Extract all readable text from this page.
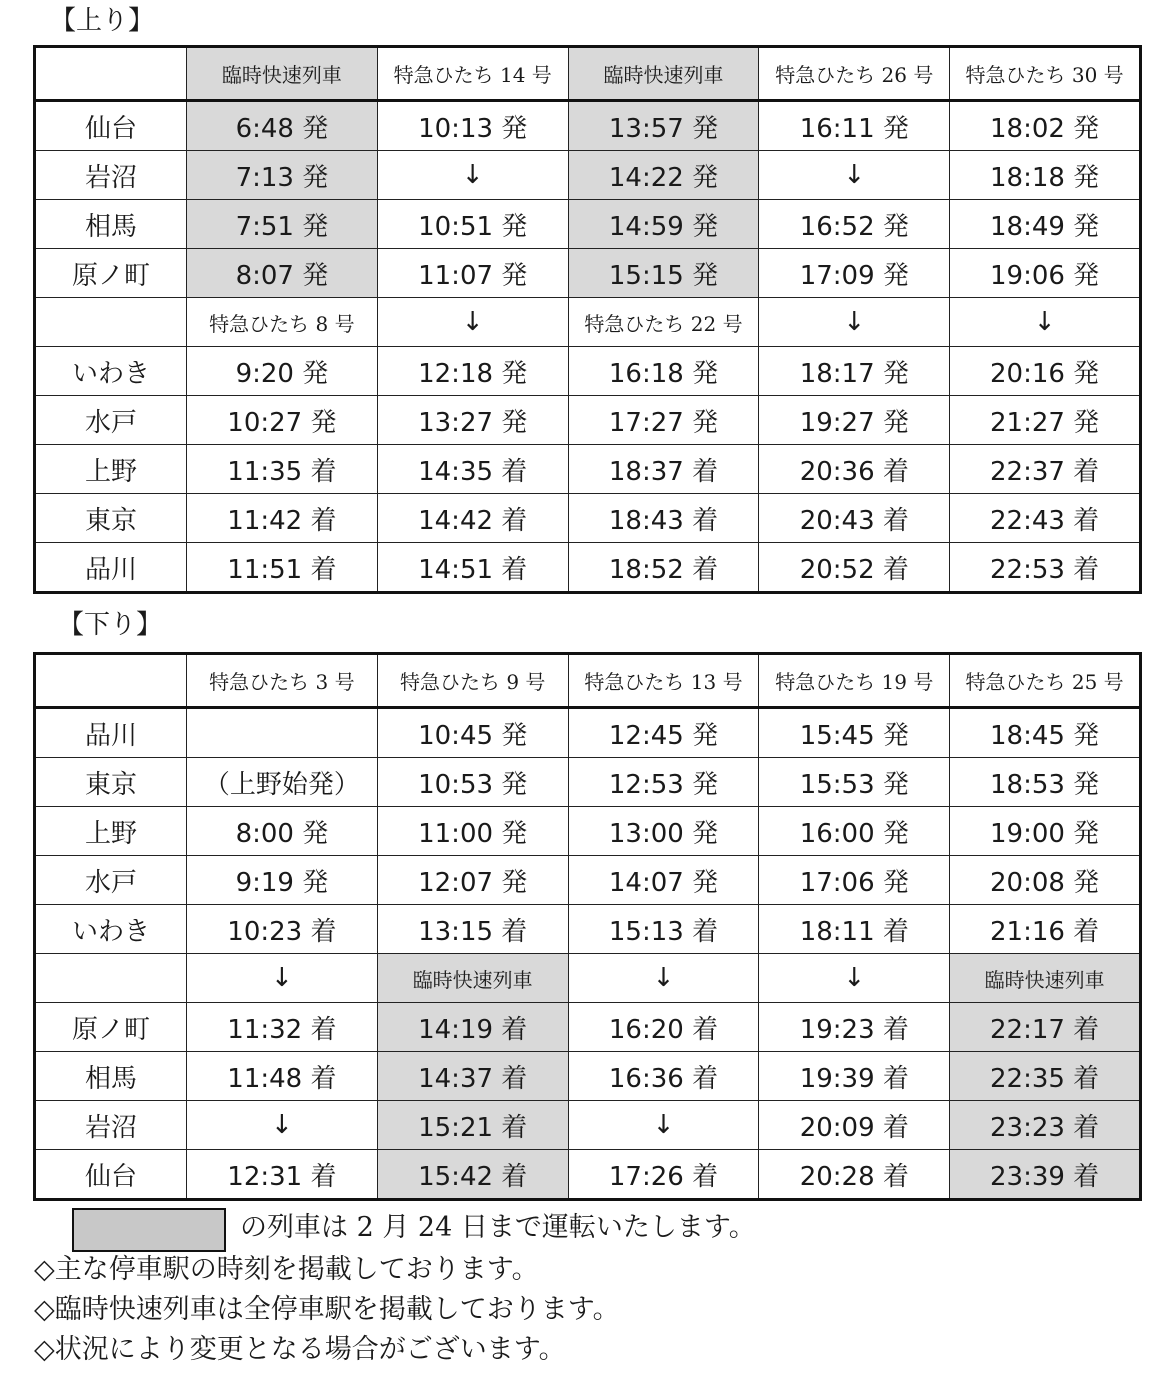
【上り】
	臨時快速列車	特急ひたち 14 号	臨時快速列車	特急ひたち 26 号	特急ひたち 30 号
仙台	6:48 発	10:13 発	13:57 発	16:11 発	18:02 発
岩沼	7:13 発	↓	14:22 発	↓	18:18 発
相馬	7:51 発	10:51 発	14:59 発	16:52 発	18:49 発
原ノ町	8:07 発	11:07 発	15:15 発	17:09 発	19:06 発
	特急ひたち 8 号	↓	特急ひたち 22 号	↓	↓
いわき	9:20 発	12:18 発	16:18 発	18:17 発	20:16 発
水戸	10:27 発	13:27 発	17:27 発	19:27 発	21:27 発
上野	11:35 着	14:35 着	18:37 着	20:36 着	22:37 着
東京	11:42 着	14:42 着	18:43 着	20:43 着	22:43 着
品川	11:51 着	14:51 着	18:52 着	20:52 着	22:53 着
【下り】
	特急ひたち 3 号	特急ひたち 9 号	特急ひたち 13 号	特急ひたち 19 号	特急ひたち 25 号
品川		10:45 発	12:45 発	15:45 発	18:45 発
東京	（上野始発）	10:53 発	12:53 発	15:53 発	18:53 発
上野	8:00 発	11:00 発	13:00 発	16:00 発	19:00 発
水戸	9:19 発	12:07 発	14:07 発	17:06 発	20:08 発
いわき	10:23 着	13:15 着	15:13 着	18:11 着	21:16 着
	↓	臨時快速列車	↓	↓	臨時快速列車
原ノ町	11:32 着	14:19 着	16:20 着	19:23 着	22:17 着
相馬	11:48 着	14:37 着	16:36 着	19:39 着	22:35 着
岩沼	↓	15:21 着	↓	20:09 着	23:23 着
仙台	12:31 着	15:42 着	17:26 着	20:28 着	23:39 着
の列車は 2 月 24 日まで運転いたします。
◇主な停車駅の時刻を掲載しております。
◇臨時快速列車は全停車駅を掲載しております。
◇状況により変更となる場合がございます。
